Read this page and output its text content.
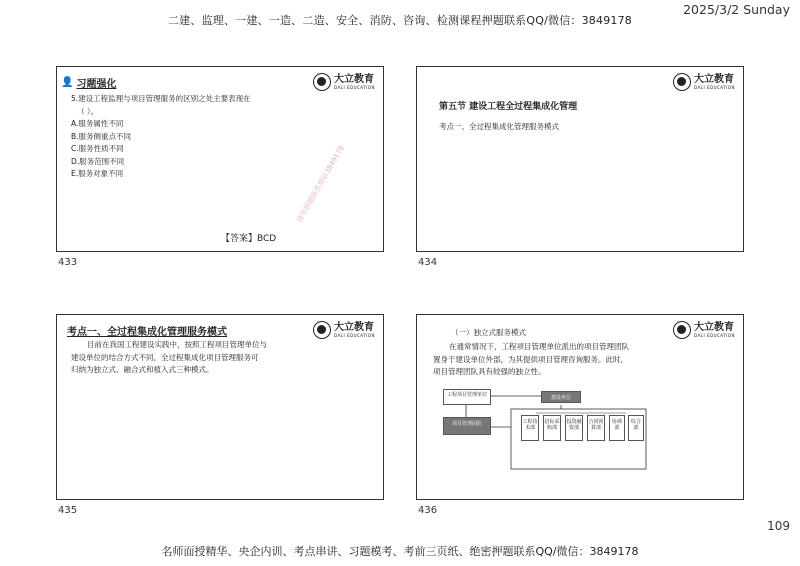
二建、监理、一建、一造、二造、安全、消防、咨询、检测课程押题联系QQ/微信：3849178
2025/3/2 Sunday
名师面授精华、央企内训、考点串讲、习题模考、考前三页纸、绝密押题联系QQ/微信：3849178
109
大立教育
DALI EDUCATION
👤 习题强化
5.建设工程监理与项目管理服务的区别之处主要表现在
（ ）。
A.服务属性不同
B.服务侧重点不同
C.服务性质不同
D.服务范围不同
E.服务对象不同
【答案】BCD
请勿押题联系微信3849178
433
大立教育
DALI EDUCATION
第五节 建设工程全过程集成化管理
考点一、全过程集成化管理服务模式
434
大立教育
DALI EDUCATION
考点一、全过程集成化管理服务模式
目前在我国工程建设实践中，按照工程项目管理单位与
建设单位的结合方式不同，全过程集成化项目管理服务可
归纳为独立式、融合式和植入式三种模式。
435
大立教育
DALI EDUCATION
（一）独立式服务模式
在通常情况下，工程项目管理单位派出的项目管理团队
置身于建设单位外部，为其提供项目管理咨询服务。此时，
项目管理团队具有较强的独立性。
工程项目管理单位	建设单位
项目管理团队	工程技术部
招标采购部
投资融资部
合同预算部
协调部
综合部
436
